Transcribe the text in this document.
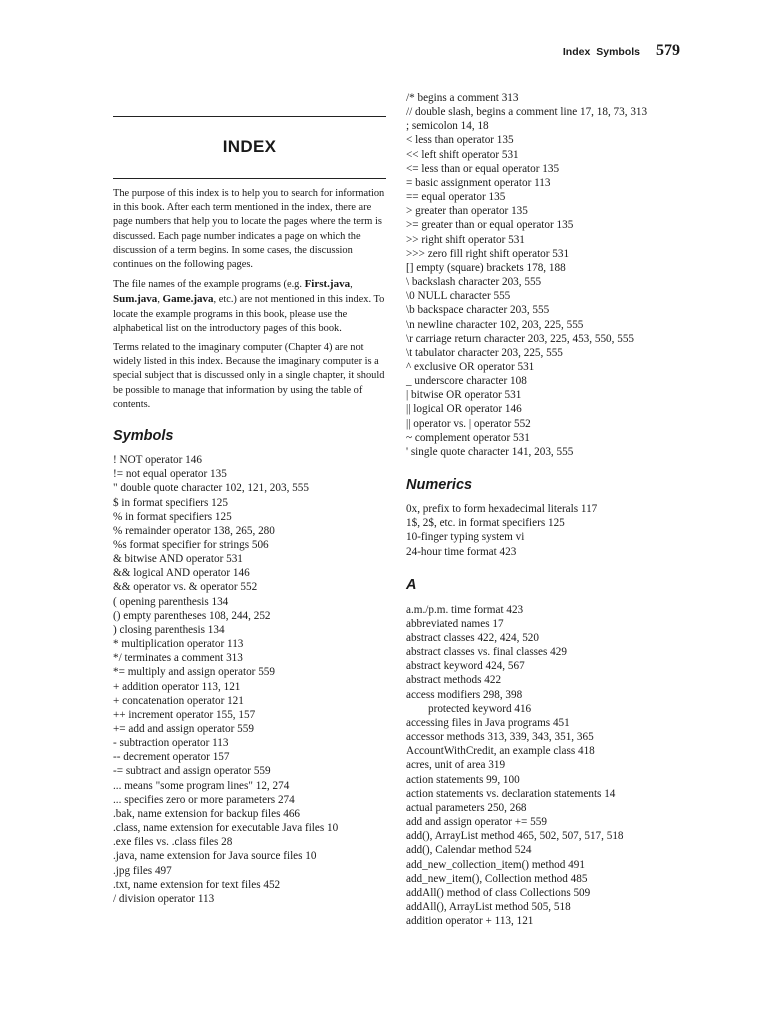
Index Symbols 579
INDEX

The purpose of this index is to help you to search for information in this book. After each term mentioned in the index, there are page numbers that help you to locate the pages where the term is discussed. Each page number indicates a page on which the discussion of a term begins. In some cases, the discussion continues on the following pages.

The file names of the example programs (e.g. First.java, Sum.java, Game.java, etc.) are not mentioned in this index. To locate the example programs in this book, please use the alphabetical list on the introductory pages of this book.

Terms related to the imaginary computer (Chapter 4) are not widely listed in this index. Because the imaginary computer is a special subject that is discussed only in a single chapter, it should be possible to manage that information by using the table of contents.

Symbols
! NOT operator 146
!= not equal operator 135
" double quote character 102, 121, 203, 555
$ in format specifiers 125
% in format specifiers 125
% remainder operator 138, 265, 280
%s format specifier for strings 506
& bitwise AND operator 531
&& logical AND operator 146
&& operator vs. & operator 552
( opening parenthesis 134
() empty parentheses 108, 244, 252
) closing parenthesis 134
* multiplication operator 113
*/ terminates a comment 313
*= multiply and assign operator 559
+ addition operator 113, 121
+ concatenation operator 121
++ increment operator 155, 157
+= add and assign operator 559
- subtraction operator 113
-- decrement operator 157
-= subtract and assign operator 559
... means "some program lines" 12, 274
... specifies zero or more parameters 274
.bak, name extension for backup files 466
.class, name extension for executable Java files 10
.exe files vs. .class files 28
.java, name extension for Java source files 10
.jpg files 497
.txt, name extension for text files 452
/ division operator 113
/* begins a comment 313
// double slash, begins a comment line 17, 18, 73, 313
; semicolon 14, 18
< less than operator 135
<< left shift operator 531
<= less than or equal operator 135
= basic assignment operator 113
== equal operator 135
> greater than operator 135
>= greater than or equal operator 135
>> right shift operator 531
>>> zero fill right shift operator 531
[] empty (square) brackets 178, 188
\ backslash character 203, 555
\0 NULL character 555
\b backspace character 203, 555
\n newline character 102, 203, 225, 555
\r carriage return character 203, 225, 453, 550, 555
\t tabulator character 203, 225, 555
^ exclusive OR operator 531
_ underscore character 108
| bitwise OR operator 531
|| logical OR operator 146
|| operator vs. | operator 552
~ complement operator 531
' single quote character 141, 203, 555
Numerics
0x, prefix to form hexadecimal literals 117
1$, 2$, etc. in format specifiers 125
10-finger typing system vi
24-hour time format 423
A
a.m./p.m. time format 423
abbreviated names 17
abstract classes 422, 424, 520
abstract classes vs. final classes 429
abstract keyword 424, 567
abstract methods 422
access modifiers 298, 398
protected keyword 416
accessing files in Java programs 451
accessor methods 313, 339, 343, 351, 365
AccountWithCredit, an example class 418
acres, unit of area 319
action statements 99, 100
action statements vs. declaration statements 14
actual parameters 250, 268
add and assign operator += 559
add(), ArrayList method 465, 502, 507, 517, 518
add(), Calendar method 524
add_new_collection_item() method 491
add_new_item(), Collection method 485
addAll() method of class Collections 509
addAll(), ArrayList method 505, 518
addition operator + 113, 121
